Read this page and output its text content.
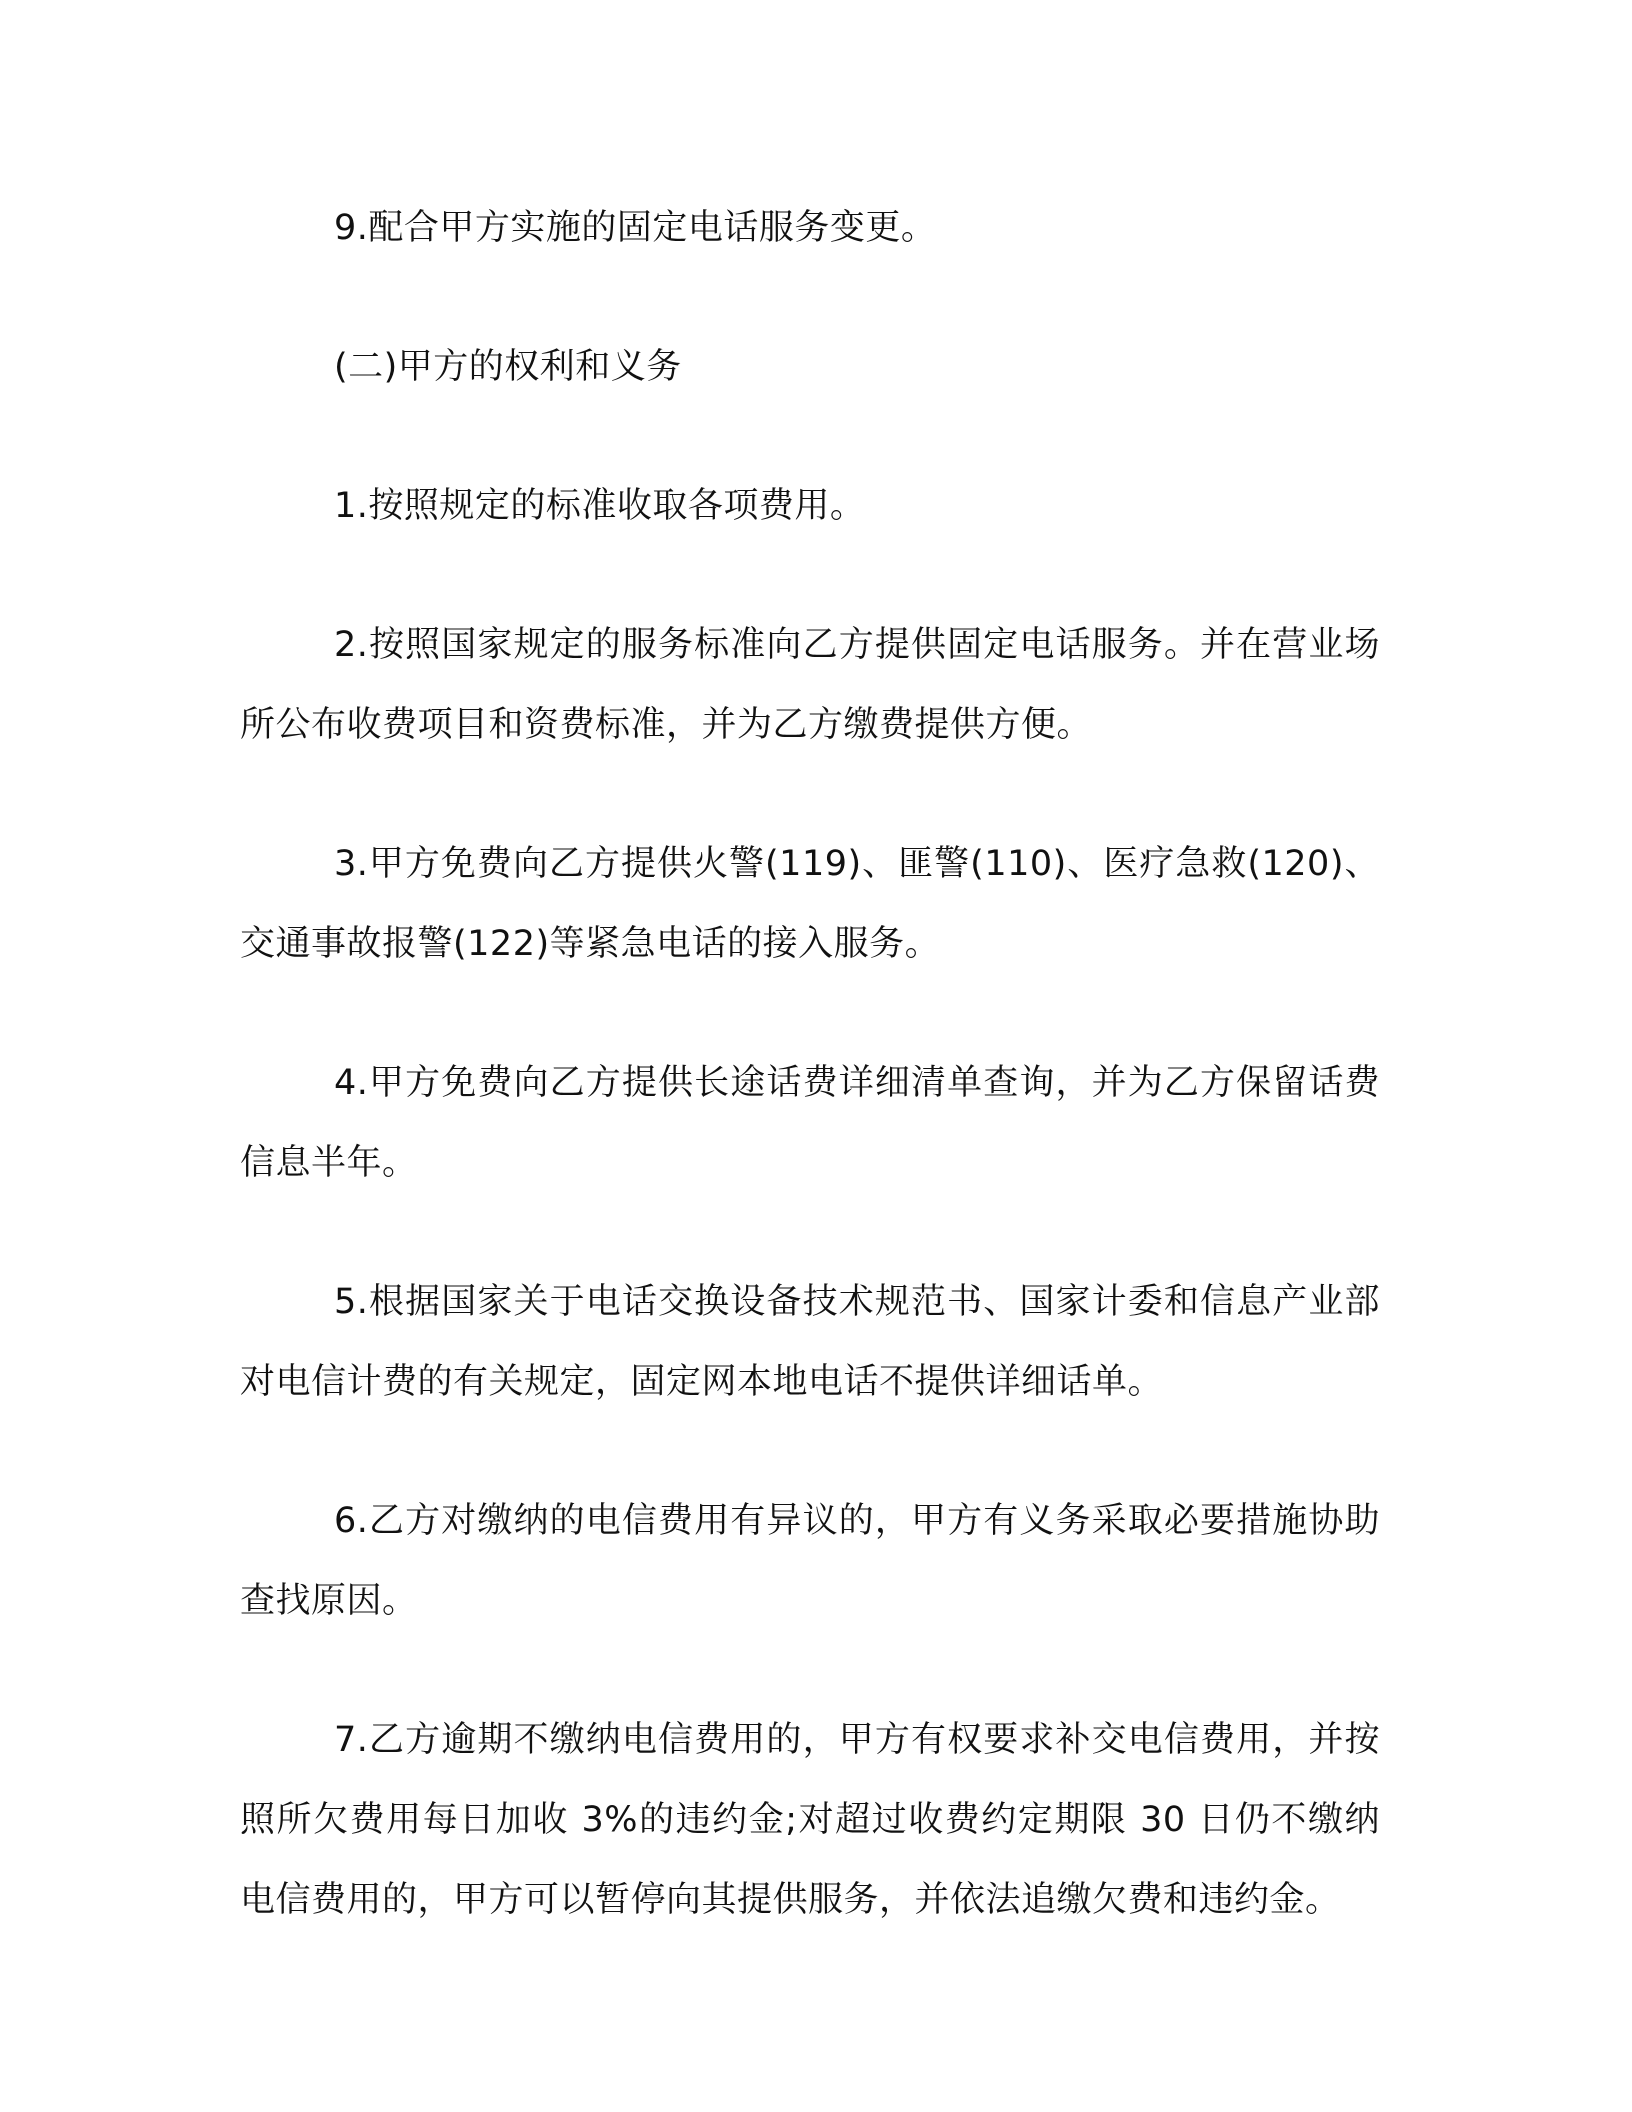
9.配合甲方实施的固定电话服务变更。

(二)甲方的权利和义务

1.按照规定的标准收取各项费用。

2.按照国家规定的服务标准向乙方提供固定电话服务。并在营业场所公布收费项目和资费标准，并为乙方缴费提供方便。

3.甲方免费向乙方提供火警(119)、匪警(110)、医疗急救(120)、交通事故报警(122)等紧急电话的接入服务。

4.甲方免费向乙方提供长途话费详细清单查询，并为乙方保留话费信息半年。

5.根据国家关于电话交换设备技术规范书、国家计委和信息产业部对电信计费的有关规定，固定网本地电话不提供详细话单。

6.乙方对缴纳的电信费用有异议的，甲方有义务采取必要措施协助查找原因。

7.乙方逾期不缴纳电信费用的，甲方有权要求补交电信费用，并按照所欠费用每日加收 3%的违约金;对超过收费约定期限 30 日仍不缴纳电信费用的，甲方可以暂停向其提供服务，并依法追缴欠费和违约金。
